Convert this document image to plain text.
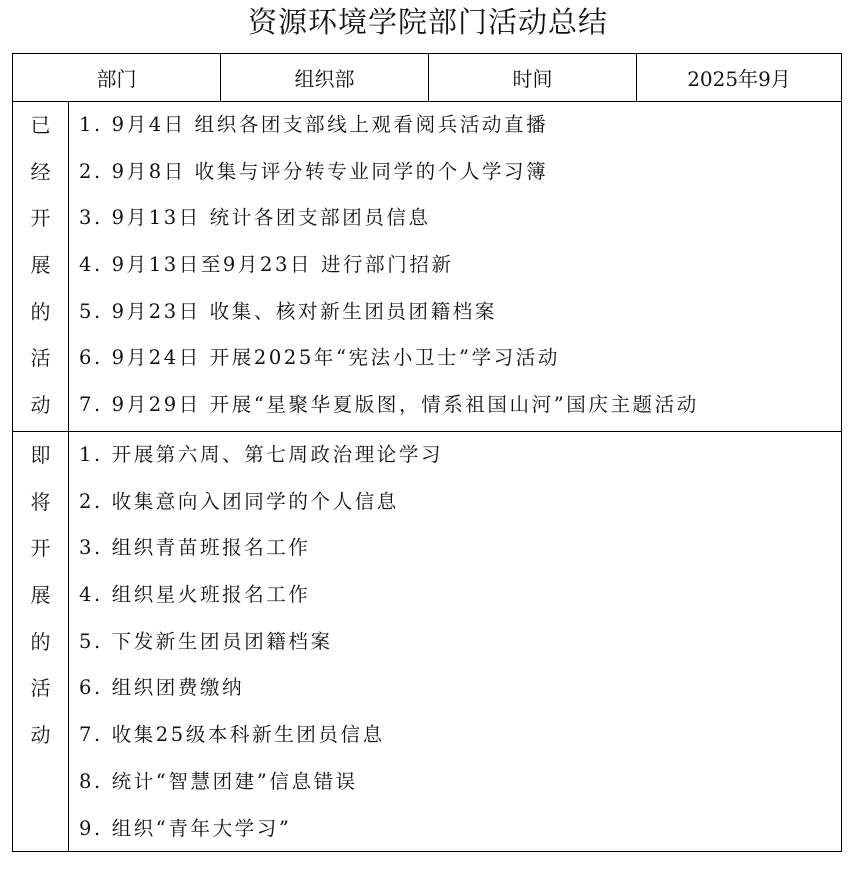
资源环境学院部门活动总结
部门	组织部	时间	2025年9月
已
经
开
展
的
活
动
1. 9月4日 组织各团支部线上观看阅兵活动直播
2. 9月8日 收集与评分转专业同学的个人学习簿
3. 9月13日 统计各团支部团员信息
4. 9月13日至9月23日 进行部门招新
5. 9月23日 收集、核对新生团员团籍档案
6. 9月24日 开展2025年“宪法小卫士”学习活动
7. 9月29日 开展“星聚华夏版图，情系祖国山河”国庆主题活动
即
将
开
展
的
活
动
1. 开展第六周、第七周政治理论学习
2. 收集意向入团同学的个人信息
3. 组织青苗班报名工作
4. 组织星火班报名工作
5. 下发新生团员团籍档案
6. 组织团费缴纳
7. 收集25级本科新生团员信息
8. 统计“智慧团建”信息错误
9. 组织“青年大学习”
